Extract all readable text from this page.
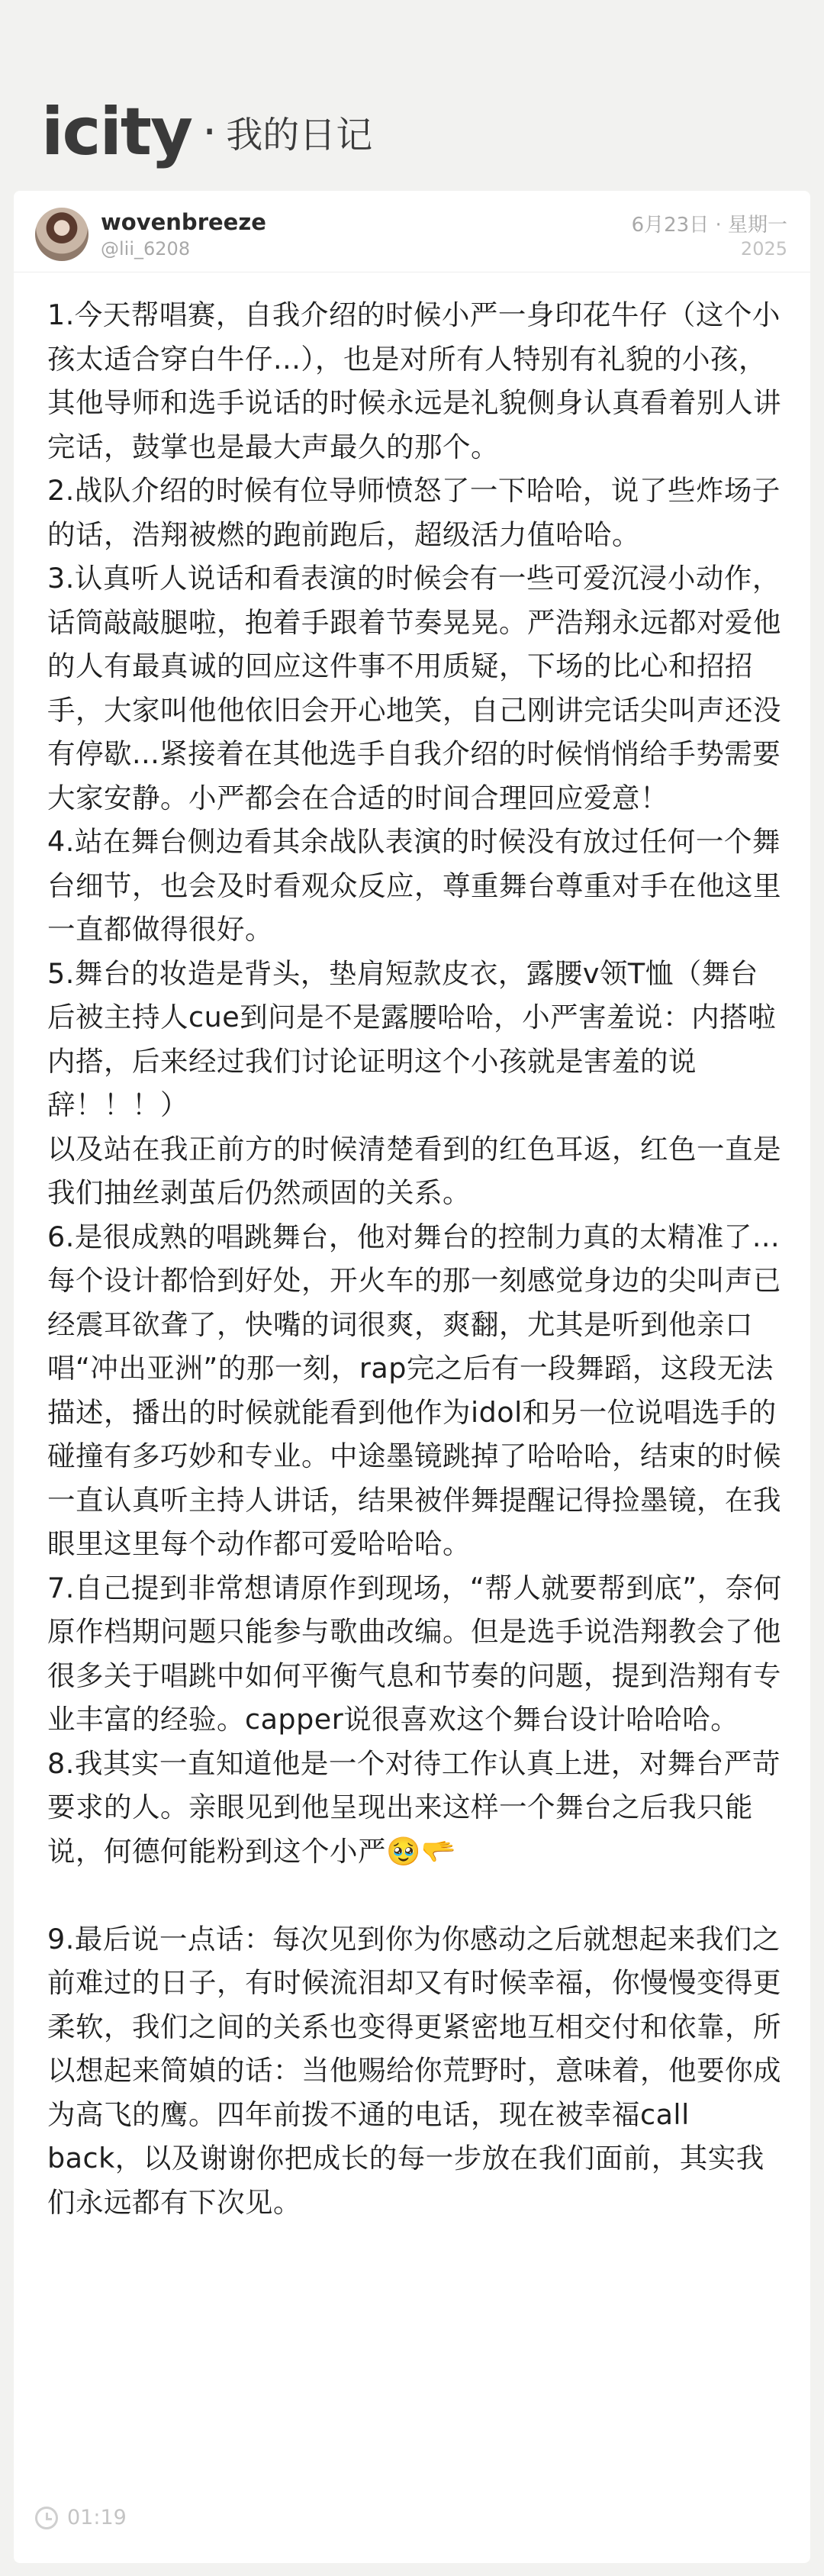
icity · 我的日记
wovenbreeze
@lii_6208
6月23日 · 星期一
2025

1.今天帮唱赛，自我介绍的时候小严一身印花牛仔（这个小孩太适合穿白牛仔...），也是对所有人特别有礼貌的小孩，其他导师和选手说话的时候永远是礼貌侧身认真看着别人讲完话，鼓掌也是最大声最久的那个。

2.战队介绍的时候有位导师愤怒了一下哈哈，说了些炸场子的话，浩翔被燃的跑前跑后，超级活力值哈哈。

3.认真听人说话和看表演的时候会有一些可爱沉浸小动作，话筒敲敲腿啦，抱着手跟着节奏晃晃。严浩翔永远都对爱他的人有最真诚的回应这件事不用质疑，下场的比心和招招手，大家叫他他依旧会开心地笑，自己刚讲完话尖叫声还没有停歇...紧接着在其他选手自我介绍的时候悄悄给手势需要大家安静。小严都会在合适的时间合理回应爱意！

4.站在舞台侧边看其余战队表演的时候没有放过任何一个舞台细节，也会及时看观众反应，尊重舞台尊重对手在他这里一直都做得很好。

5.舞台的妆造是背头，垫肩短款皮衣，露腰v领T恤（舞台后被主持人cue到问是不是露腰哈哈，小严害羞说：内搭啦内搭，后来经过我们讨论证明这个小孩就是害羞的说辞！！！）

以及站在我正前方的时候清楚看到的红色耳返，红色一直是我们抽丝剥茧后仍然顽固的关系。

6.是很成熟的唱跳舞台，他对舞台的控制力真的太精准了...每个设计都恰到好处，开火车的那一刻感觉身边的尖叫声已经震耳欲聋了，快嘴的词很爽，爽翻，尤其是听到他亲口唱“冲出亚洲”的那一刻，rap完之后有一段舞蹈，这段无法描述，播出的时候就能看到他作为idol和另一位说唱选手的碰撞有多巧妙和专业。中途墨镜跳掉了哈哈哈，结束的时候一直认真听主持人讲话，结果被伴舞提醒记得捡墨镜，在我眼里这里每个动作都可爱哈哈哈。

7.自己提到非常想请原作到现场，“帮人就要帮到底”，奈何原作档期问题只能参与歌曲改编。但是选手说浩翔教会了他很多关于唱跳中如何平衡气息和节奏的问题，提到浩翔有专业丰富的经验。capper说很喜欢这个舞台设计哈哈哈。

8.我其实一直知道他是一个对待工作认真上进，对舞台严苛要求的人。亲眼见到他呈现出来这样一个舞台之后我只能说，何德何能粉到这个小严🥹🫳

9.最后说一点话：每次见到你为你感动之后就想起来我们之前难过的日子，有时候流泪却又有时候幸福，你慢慢变得更柔软，我们之间的关系也变得更紧密地互相交付和依靠，所以想起来简媜的话：当他赐给你荒野时，意味着，他要你成为高飞的鹰。四年前拨不通的电话，现在被幸福call back，以及谢谢你把成长的每一步放在我们面前，其实我们永远都有下次见。

01:19
